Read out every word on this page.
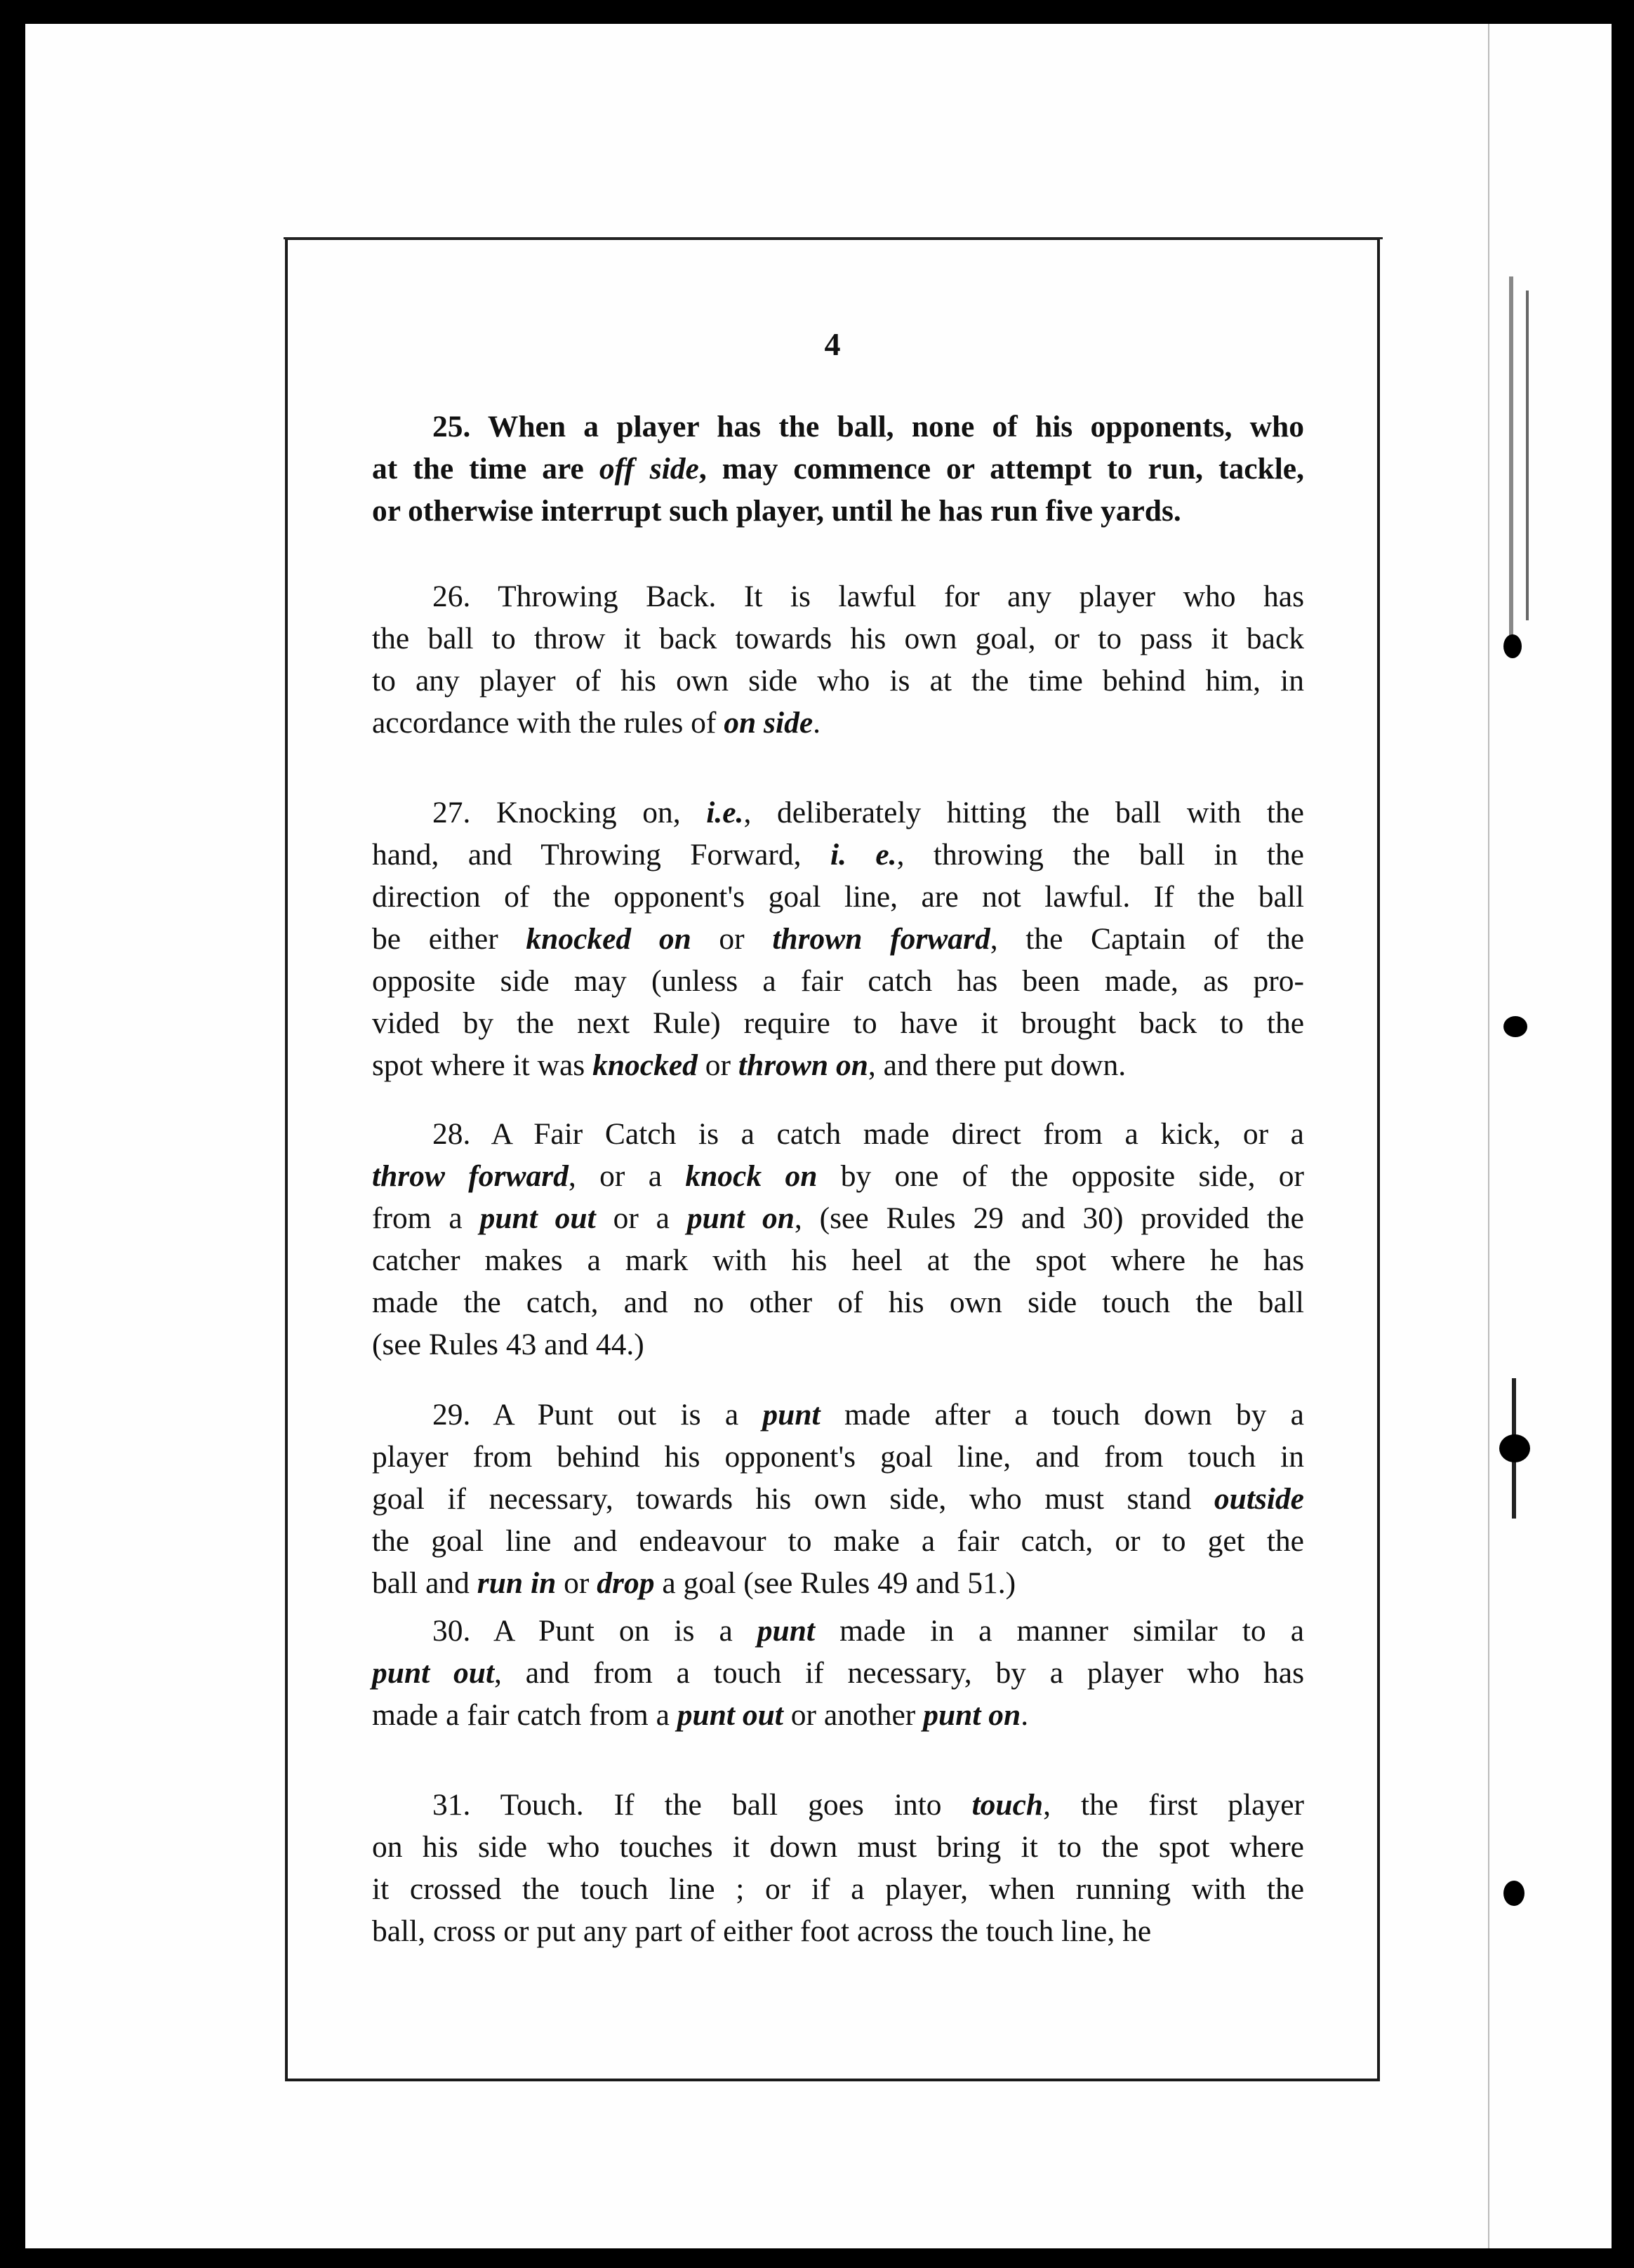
4
25. When a player has the ball, none of his opponents, who
at the time are off side, may commence or attempt to run, tackle,
or otherwise interrupt such player, until he has run five yards.
26. Throwing Back. It is lawful for any player who has
the ball to throw it back towards his own goal, or to pass it back
to any player of his own side who is at the time behind him, in
accordance with the rules of on side.
27. Knocking on, i.e., deliberately hitting the ball with the
hand, and Throwing Forward, i. e., throwing the ball in the
direction of the opponent's goal line, are not lawful. If the ball
be either knocked on or thrown forward, the Captain of the
opposite side may (unless a fair catch has been made, as pro-
vided by the next Rule) require to have it brought back to the
spot where it was knocked or thrown on, and there put down.
28. A Fair Catch is a catch made direct from a kick, or a
throw forward, or a knock on by one of the opposite side, or
from a punt out or a punt on, (see Rules 29 and 30) provided the
catcher makes a mark with his heel at the spot where he has
made the catch, and no other of his own side touch the ball
(see Rules 43 and 44.)
29. A Punt out is a punt made after a touch down by a
player from behind his opponent's goal line, and from touch in
goal if necessary, towards his own side, who must stand outside
the goal line and endeavour to make a fair catch, or to get the
ball and run in or drop a goal (see Rules 49 and 51.)
30. A Punt on is a punt made in a manner similar to a
punt out, and from a touch if necessary, by a player who has
made a fair catch from a punt out or another punt on.
31. Touch. If the ball goes into touch, the first player
on his side who touches it down must bring it to the spot where
it crossed the touch line ; or if a player, when running with the
ball, cross or put any part of either foot across the touch line, he
